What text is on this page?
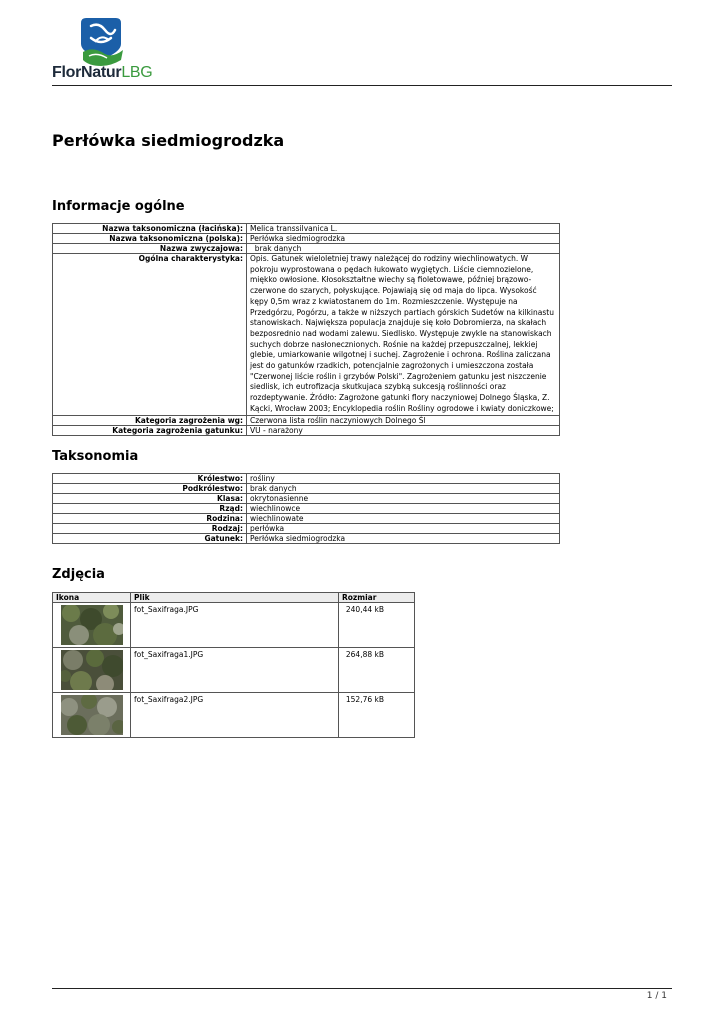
FlorNaturLBG
Perłówka siedmiogrodzka
Informacje ogólne
Nazwa taksonomiczna (łacińska):	Melica transsilvanica L.
Nazwa taksonomiczna (polska):	Perłówka siedmiogrodzka
Nazwa zwyczajowa:	brak danych
Ogólna charakterystyka:	Opis. Gatunek wieloletniej trawy należącej do rodziny wiechlinowatych. W pokroju wyprostowana o pędach łukowato wygiętych. Liście ciemnozielone, miękko owłosione. Kłosokształtne wiechy są fioletowawe, później brązowo-czerwone do szarych, połyskujące. Pojawiają się od maja do lipca. Wysokość kępy 0,5m wraz z kwiatostanem do 1m. Rozmieszczenie. Występuje na Przedgórzu, Pogórzu, a także w niższych partiach górskich Sudetów na kilkinastu stanowiskach. Największa populacja znajduje się koło Dobromierza, na skałach bezposrednio nad wodami zalewu. Siedlisko. Występuje zwykle na stanowiskach suchych dobrze nasłonecznionych. Rośnie na każdej przepuszczalnej, lekkiej glebie, umiarkowanie wilgotnej i suchej. Zagrożenie i ochrona. Roślina zaliczana jest do gatunków rzadkich, potencjalnie zagrożonych i umieszczona została "Czerwonej liście roślin i grzybów Polski". Zagrożeniem gatunku jest niszczenie siedlisk, ich eutrofizacja skutkujaca szybką sukcesją roślinności oraz rozdeptywanie. Źródło: Zagrożone gatunki flory naczyniowej Dolnego Śląska, Z. Kącki, Wrocław 2003; Encyklopedia roślin Rośliny ogrodowe i kwiaty doniczkowe;
Kategoria zagrożenia wg:	Czerwona lista roślin naczyniowych Dolnego Śl
Kategoria zagrożenia gatunku:	VU - narażony
Taksonomia
Królestwo:	rośliny
Podkrólestwo:	brak danych
Klasa:	okrytonasienne
Rząd:	wiechlinowce
Rodzina:	wiechlinowate
Rodzaj:	perłówka
Gatunek:	Perłówka siedmiogrodzka
Zdjęcia
Ikona	Plik	Rozmiar

	fot_Saxifraga.JPG	240,44 kB

	fot_Saxifraga1.JPG	264,88 kB

	fot_Saxifraga2.JPG	152,76 kB
1 / 1
